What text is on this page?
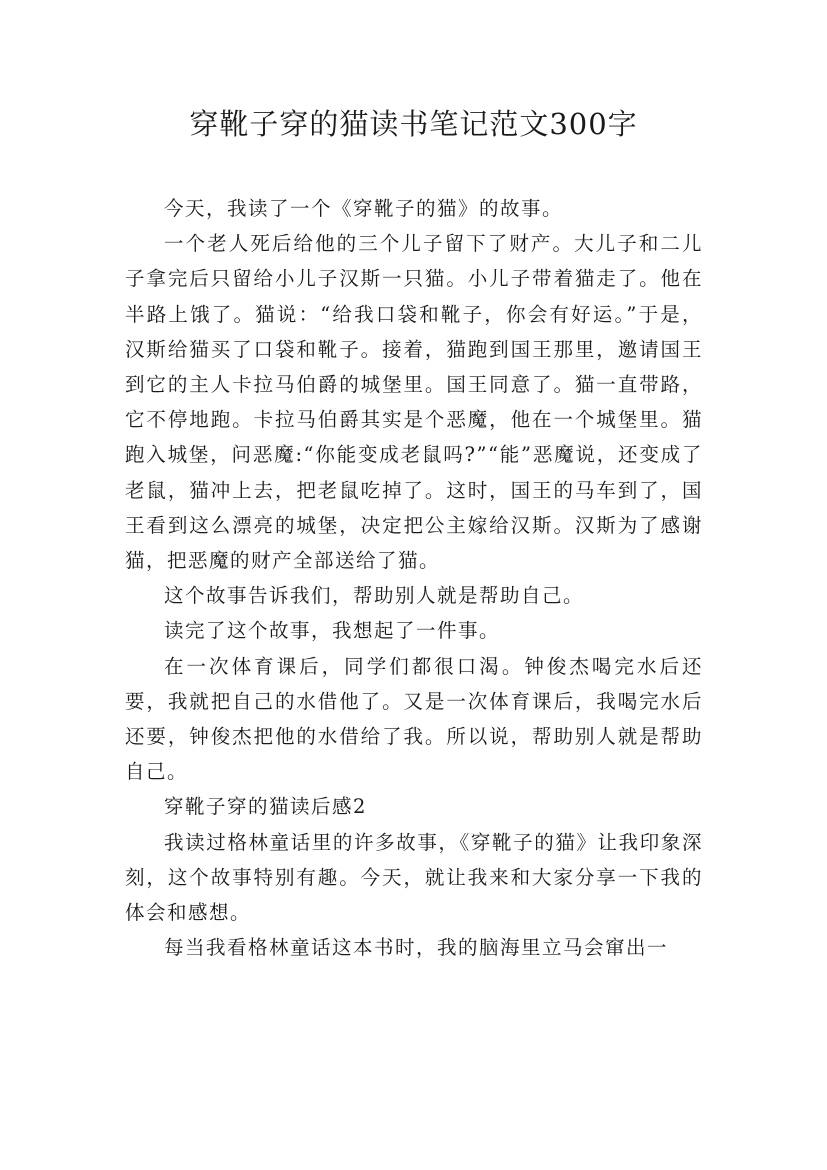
穿靴子穿的猫读书笔记范文300字

今天，我读了一个《穿靴子的猫》的故事。

一个老人死后给他的三个儿子留下了财产。大儿子和二儿子拿完后只留给小儿子汉斯一只猫。小儿子带着猫走了。他在半路上饿了。猫说：“给我口袋和靴子，你会有好运。”于是，汉斯给猫买了口袋和靴子。接着，猫跑到国王那里，邀请国王到它的主人卡拉马伯爵的城堡里。国王同意了。猫一直带路，它不停地跑。卡拉马伯爵其实是个恶魔，他在一个城堡里。猫跑入城堡，问恶魔:“你能变成老鼠吗?”“能”恶魔说，还变成了老鼠，猫冲上去，把老鼠吃掉了。这时，国王的马车到了，国王看到这么漂亮的城堡，决定把公主嫁给汉斯。汉斯为了感谢猫，把恶魔的财产全部送给了猫。

这个故事告诉我们，帮助别人就是帮助自己。

读完了这个故事，我想起了一件事。

在一次体育课后，同学们都很口渴。钟俊杰喝完水后还要，我就把自己的水借他了。又是一次体育课后，我喝完水后还要，钟俊杰把他的水借给了我。所以说，帮助别人就是帮助自己。

穿靴子穿的猫读后感2

我读过格林童话里的许多故事，《穿靴子的猫》让我印象深刻，这个故事特别有趣。今天，就让我来和大家分享一下我的体会和感想。

每当我看格林童话这本书时，我的脑海里立马会窜出一
